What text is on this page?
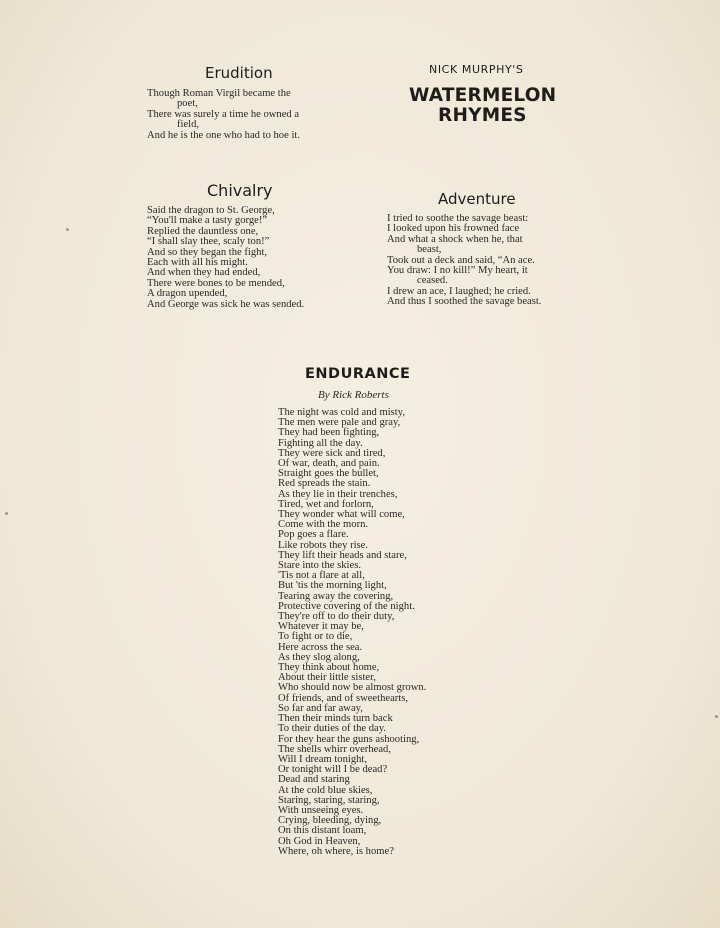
Erudition
Though Roman Virgil became the
poet,
There was surely a time he owned a
field,
And he is the one who had to hoe it.
NICK MURPHY'S
WATERMELON
RHYMES
Chivalry
Said the dragon to St. George,
“You'll make a tasty gorge!”
Replied the dauntless one,
“I shall slay thee, scaly ton!”
And so they began the fight,
Each with all his might.
And when they had ended,
There were bones to be mended,
A dragon upended,
And George was sick he was sended.
Adventure
I tried to soothe the savage beast:
I looked upon his frowned face
And what a shock when he, that
beast,
Took out a deck and said, “An ace.
You draw: I no kill!” My heart, it
ceased.
I drew an ace, I laughed; he cried.
And thus I soothed the savage beast.
ENDURANCE
By Rick Roberts
The night was cold and misty,
The men were pale and gray,
They had been fighting,
Fighting all the day.
They were sick and tired,
Of war, death, and pain.
Straight goes the bullet,
Red spreads the stain.
As they lie in their trenches,
Tired, wet and forlorn,
They wonder what will come,
Come with the morn.
Pop goes a flare.
Like robots they rise.
They lift their heads and stare,
Stare into the skies.
'Tis not a flare at all,
But 'tis the morning light,
Tearing away the covering,
Protective covering of the night.
They're off to do their duty,
Whatever it may be,
To fight or to die,
Here across the sea.
As they slog along,
They think about home,
About their little sister,
Who should now be almost grown.
Of friends, and of sweethearts,
So far and far away,
Then their minds turn back
To their duties of the day.
For they hear the guns ashooting,
The shells whirr overhead,
Will I dream tonight,
Or tonight will I be dead?
Dead and staring
At the cold blue skies,
Staring, staring, staring,
With unseeing eyes.
Crying, bleeding, dying,
On this distant loam,
Oh God in Heaven,
Where, oh where, is home?
